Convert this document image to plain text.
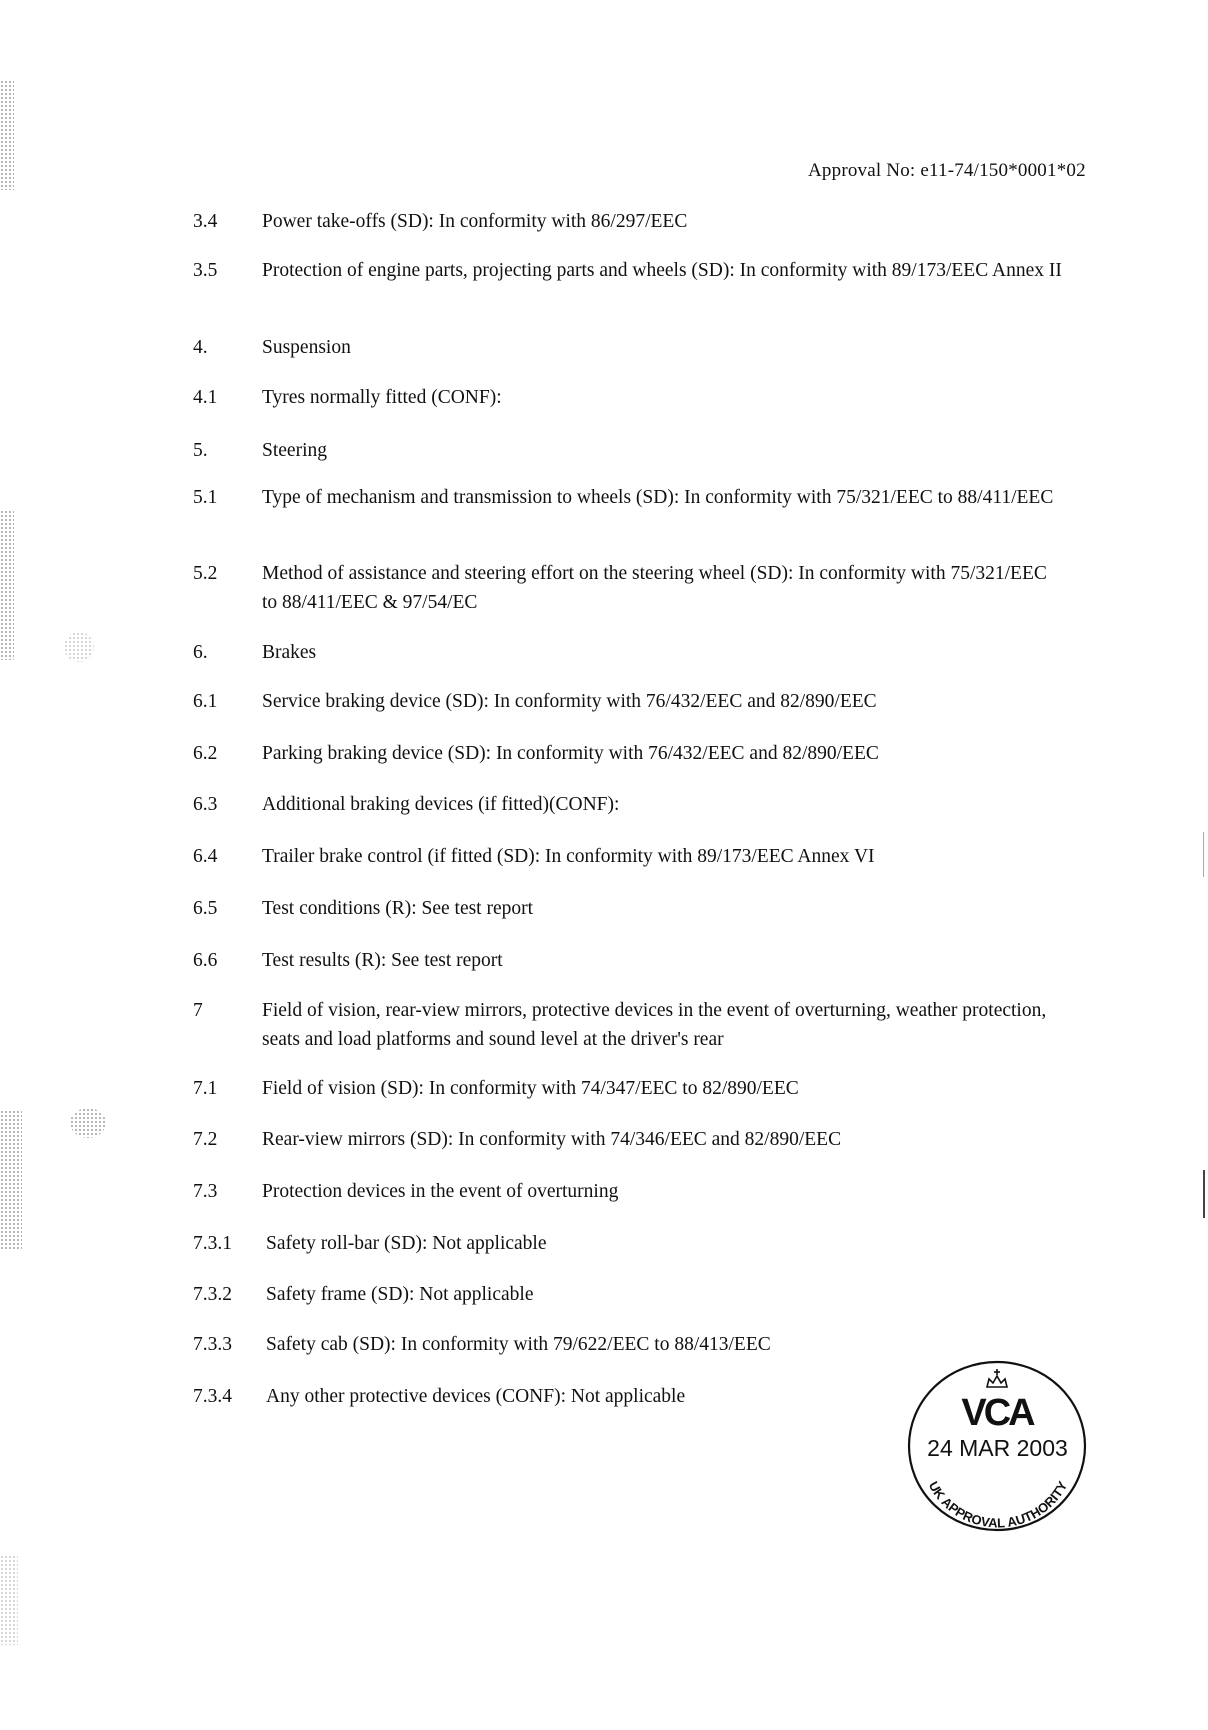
Approval No: e11-74/150*0001*02
3.4 Power take-offs (SD): In conformity with 86/297/EEC
3.5 Protection of engine parts, projecting parts and wheels (SD): In conformity with 89/173/EEC Annex II
4.	Suspension
4.1 Tyres normally fitted (CONF):
5.	Steering
5.1 Type of mechanism and transmission to wheels (SD): In conformity with 75/321/EEC to 88/411/EEC
5.2 Method of assistance and steering effort on the steering wheel (SD): In conformity with 75/321/EEC to 88/411/EEC & 97/54/EC
6.	Brakes
6.1 Service braking device (SD): In conformity with 76/432/EEC and 82/890/EEC
6.2 Parking braking device (SD): In conformity with 76/432/EEC and 82/890/EEC
6.3 Additional braking devices (if fitted)(CONF):
6.4 Trailer brake control (if fitted (SD): In conformity with 89/173/EEC Annex VI
6.5 Test conditions (R): See test report
6.6 Test results (R): See test report
7	Field of vision, rear-view mirrors, protective devices in the event of overturning, weather protection, seats and load platforms and sound level at the driver's rear
7.1 Field of vision (SD): In conformity with 74/347/EEC to 82/890/EEC
7.2 Rear-view mirrors (SD): In conformity with 74/346/EEC and 82/890/EEC
7.3 Protection devices in the event of overturning
7.3.1 Safety roll-bar (SD): Not applicable
7.3.2 Safety frame (SD): Not applicable
7.3.3 Safety cab (SD): In conformity with 79/622/EEC to 88/413/EEC
7.3.4 Any other protective devices (CONF): Not applicable	VCA
UK APPROVAL AUTHORITY
24 MAR 2003
